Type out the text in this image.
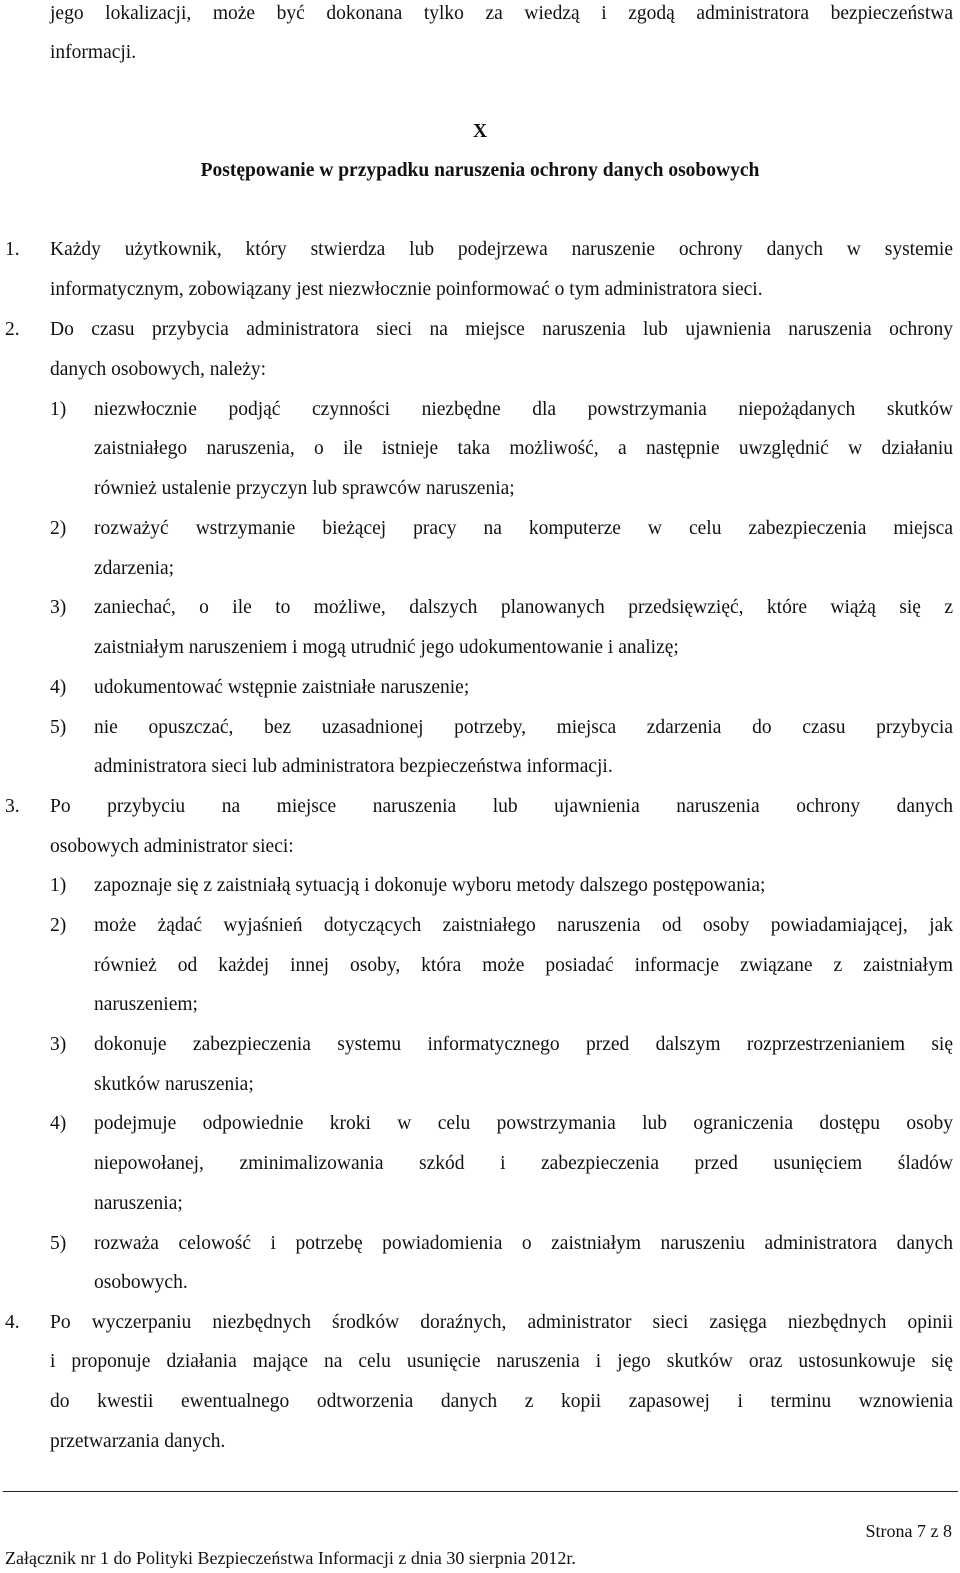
jego lokalizacji, może być dokonana tylko za wiedzą i zgodą administratora bezpieczeństwa
informacji.
X
Postępowanie w przypadku naruszenia ochrony danych osobowych
1. Każdy użytkownik, który stwierdza lub podejrzewa naruszenie ochrony danych w systemie
informatycznym, zobowiązany jest niezwłocznie poinformować o tym administratora sieci.
2. Do czasu przybycia administratora sieci na miejsce naruszenia lub ujawnienia naruszenia ochrony
danych osobowych, należy:
1) niezwłocznie podjąć czynności niezbędne dla powstrzymania niepożądanych skutków
zaistniałego naruszenia, o ile istnieje taka możliwość, a następnie uwzględnić w działaniu
również ustalenie przyczyn lub sprawców naruszenia;
2) rozważyć wstrzymanie bieżącej pracy na komputerze w celu zabezpieczenia miejsca
zdarzenia;
3) zaniechać, o ile to możliwe, dalszych planowanych przedsięwzięć, które wiążą się z
zaistniałym naruszeniem i mogą utrudnić jego udokumentowanie i analizę;
4) udokumentować wstępnie zaistniałe naruszenie;
5) nie opuszczać, bez uzasadnionej potrzeby, miejsca zdarzenia do czasu przybycia
administratora sieci lub administratora bezpieczeństwa informacji.
3. Po przybyciu na miejsce naruszenia lub ujawnienia naruszenia ochrony danych
osobowych administrator sieci:
1) zapoznaje się z zaistniałą sytuacją i dokonuje wyboru metody dalszego postępowania;
2) może żądać wyjaśnień dotyczących zaistniałego naruszenia od osoby powiadamiającej, jak
również od każdej innej osoby, która może posiadać informacje związane z zaistniałym
naruszeniem;
3) dokonuje zabezpieczenia systemu informatycznego przed dalszym rozprzestrzenianiem się
skutków naruszenia;
4) podejmuje odpowiednie kroki w celu powstrzymania lub ograniczenia dostępu osoby
niepowołanej, zminimalizowania szkód i zabezpieczenia przed usunięciem śladów
naruszenia;
5) rozważa celowość i potrzebę powiadomienia o zaistniałym naruszeniu administratora danych
osobowych.
4. Po wyczerpaniu niezbędnych środków doraźnych, administrator sieci zasięga niezbędnych opinii
i proponuje działania mające na celu usunięcie naruszenia i jego skutków oraz ustosunkowuje się
do kwestii ewentualnego odtworzenia danych z kopii zapasowej i terminu wznowienia
przetwarzania danych.
Strona 7 z 8
Załącznik nr 1 do Polityki Bezpieczeństwa Informacji z dnia 30 sierpnia 2012r.
